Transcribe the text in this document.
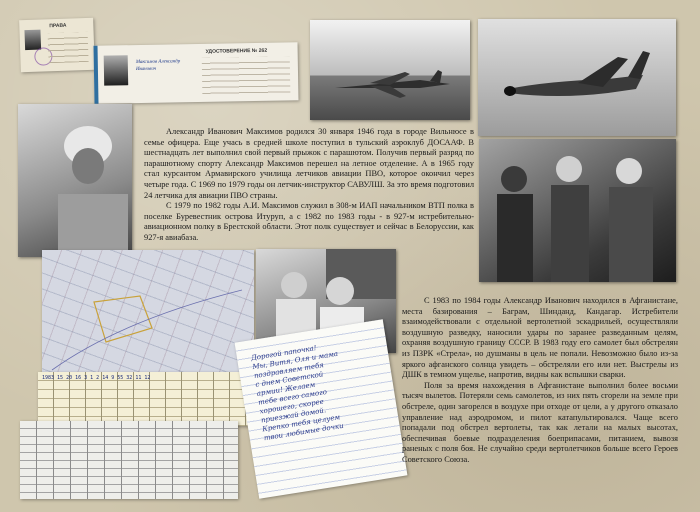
ПРАВА
Максимов Александр Иванович
УДОСТОВЕРЕНИЕ № 262

Александр Иванович Максимов родился 30 января 1946 года в городе Вильнюсе в семье офицера. Еще учась в средней школе поступил в тульский аэроклуб ДОСААФ. В шестнадцать лет выполнил свой первый прыжок с парашютом. Получив первый разряд по парашютному спорту Александр Максимов перешел на летное отделение. А в 1965 году стал курсантом Армавирского училища летчиков авиации ПВО, которое окончил через четыре года. С 1969 по 1979 годы он летчик-инструктор САВУЛШ. За это время подготовил 24 летчика для авиации ПВО страны.

С 1979 по 1982 годы А.И. Максимов служил в 308-м ИАП начальником ВТП полка в поселке Буревестник острова Итуруп, а с 1982 по 1983 годы - в 927-м истребительно-авиационном полку в Брестской области. Этот полк существует и сейчас в Белоруссии, как 927-я авиабаза.

1983 15 20 16 3 1 2 14 9 55 32 11 12
Дорогой папочка!
Мы, Витя, Оля и мама
поздравляем тебя
с днем Советской
армии! Желаем
тебе всего самого
хорошего, скорее
приезжай домой.
Крепко тебя целуем
твои любимые дочки

С 1983 по 1984 годы Александр Иванович находился в Афганистане, места базирования – Баграм, Шинданд, Кандагар. Истребители взаимодействовали с отдельной вертолетной эскадрильей, осуществляли воздушную разведку, наносили удары по заранее разведанным целям, охраняя воздушную границу СССР. В 1983 году его самолет был обстрелян из ПЗРК «Стрела», но душманы в цель не попали. Невозможно было из-за яркого афганского солнца увидеть – обстреляли его или нет. Выстрелы из ДШК в темном ущелье, напротив, видны как вспышки сварки.

Поля за время нахождения в Афганистане выполнил более восьми тысяч вылетов. Потеряли семь самолетов, из них пять сгорели на земле при обстреле, один загорелся в воздухе при отходе от цели, а у другого отказало управление над аэродромом, и пилот катапультировался. Чаще всего попадали под обстрел вертолеты, так как летали на малых высотах, обеспечивая боевые подразделения боеприпасами, питанием, вывозя раненых с поля боя. Не случайно среди вертолетчиков больше всего Героев Советского Союза.
